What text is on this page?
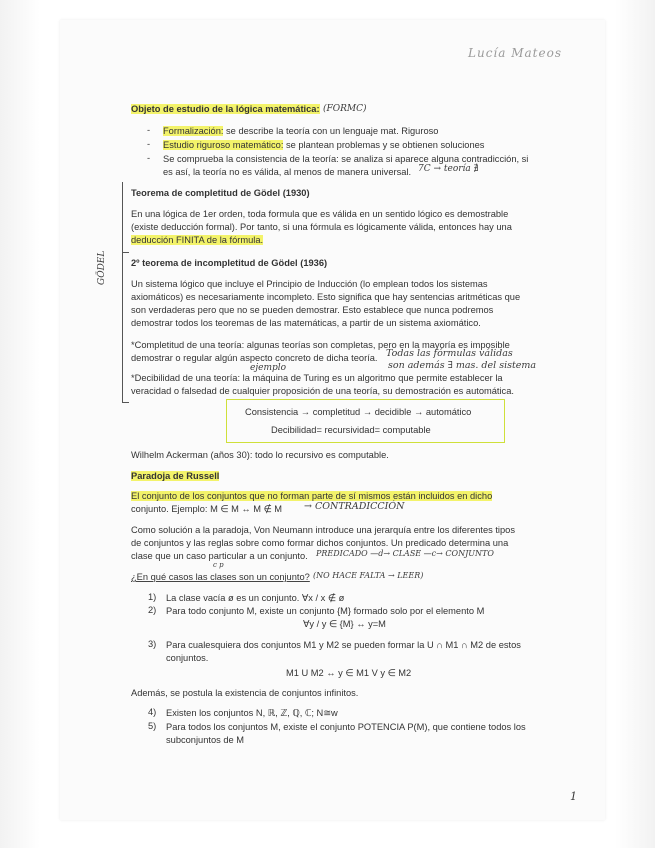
Lucía Mateos
Objeto de estudio de la lógica matemática: (FORMC)
- Formalización: se describe la teoría con un lenguaje mat. Riguroso
- Estudio riguroso matemático: se plantean problemas y se obtienen soluciones
- Se comprueba la consistencia de la teoría: se analiza si aparece alguna contradicción, si
es así, la teoría no es válida, al menos de manera universal. 7C → teoría ∄
Teorema de completitud de Gödel (1930)
En una lógica de 1er orden, toda formula que es válida en un sentido lógico es demostrable
(existe deducción formal). Por tanto, si una fórmula es lógicamente válida, entonces hay una
deducción FINITA de la fórmula.
GÖDEL	2º teorema de incompletitud de Gödel (1936)
Un sistema lógico que incluye el Principio de Inducción (lo emplean todos los sistemas
axiomáticos) es necesariamente incompleto. Esto significa que hay sentencias aritméticas que
son verdaderas pero que no se pueden demostrar. Esto establece que nunca podremos
demostrar todos los teoremas de las matemáticas, a partir de un sistema axiomático.
*Completitud de una teoría: algunas teorías son completas, pero en la mayoría es imposible
demostrar o regular algún aspecto concreto de dicha teoría. Todas las fórmulas válidas
son además ∃ mas. del sistema
ejemplo
*Decibilidad de una teoría: la máquina de Turing es un algoritmo que permite establecer la
veracidad o falsedad de cualquier proposición de una teoría, su demostración es automática.
Consistencia → completitud → decidible → automático
Decibilidad= recursividad= computable
Wilhelm Ackerman (años 30): todo lo recursivo es computable.
Paradoja de Russell
El conjunto de los conjuntos que no forman parte de sí mismos están incluidos en dicho
conjunto. Ejemplo: M ∈ M ↔ M ∉ M → CONTRADICCIÓN
Como solución a la paradoja, Von Neumann introduce una jerarquía entre los diferentes tipos
de conjuntos y las reglas sobre como formar dichos conjuntos. Un predicado determina una
clase que un caso particular a un conjunto. PREDICADO —d→ CLASE —c→ CONJUNTO
c p
¿En qué casos las clases son un conjunto? (NO HACE FALTA → LEER)
1) La clase vacía ø es un conjunto. ∀x / x ∉ ø
2) Para todo conjunto M, existe un conjunto {M} formado solo por el elemento M
∀y / y ∈ {M} ↔ y=M
3) Para cualesquiera dos conjuntos M1 y M2 se pueden formar la U ∩ M1 ∩ M2 de estos
conjuntos.
M1 U M2 ↔ y ∈ M1 V y ∈ M2
Además, se postula la existencia de conjuntos infinitos.
4) Existen los conjuntos N, ℝ, ℤ, ℚ, ℂ; N≅w
5) Para todos los conjuntos M, existe el conjunto POTENCIA P(M), que contiene todos los
subconjuntos de M
1
